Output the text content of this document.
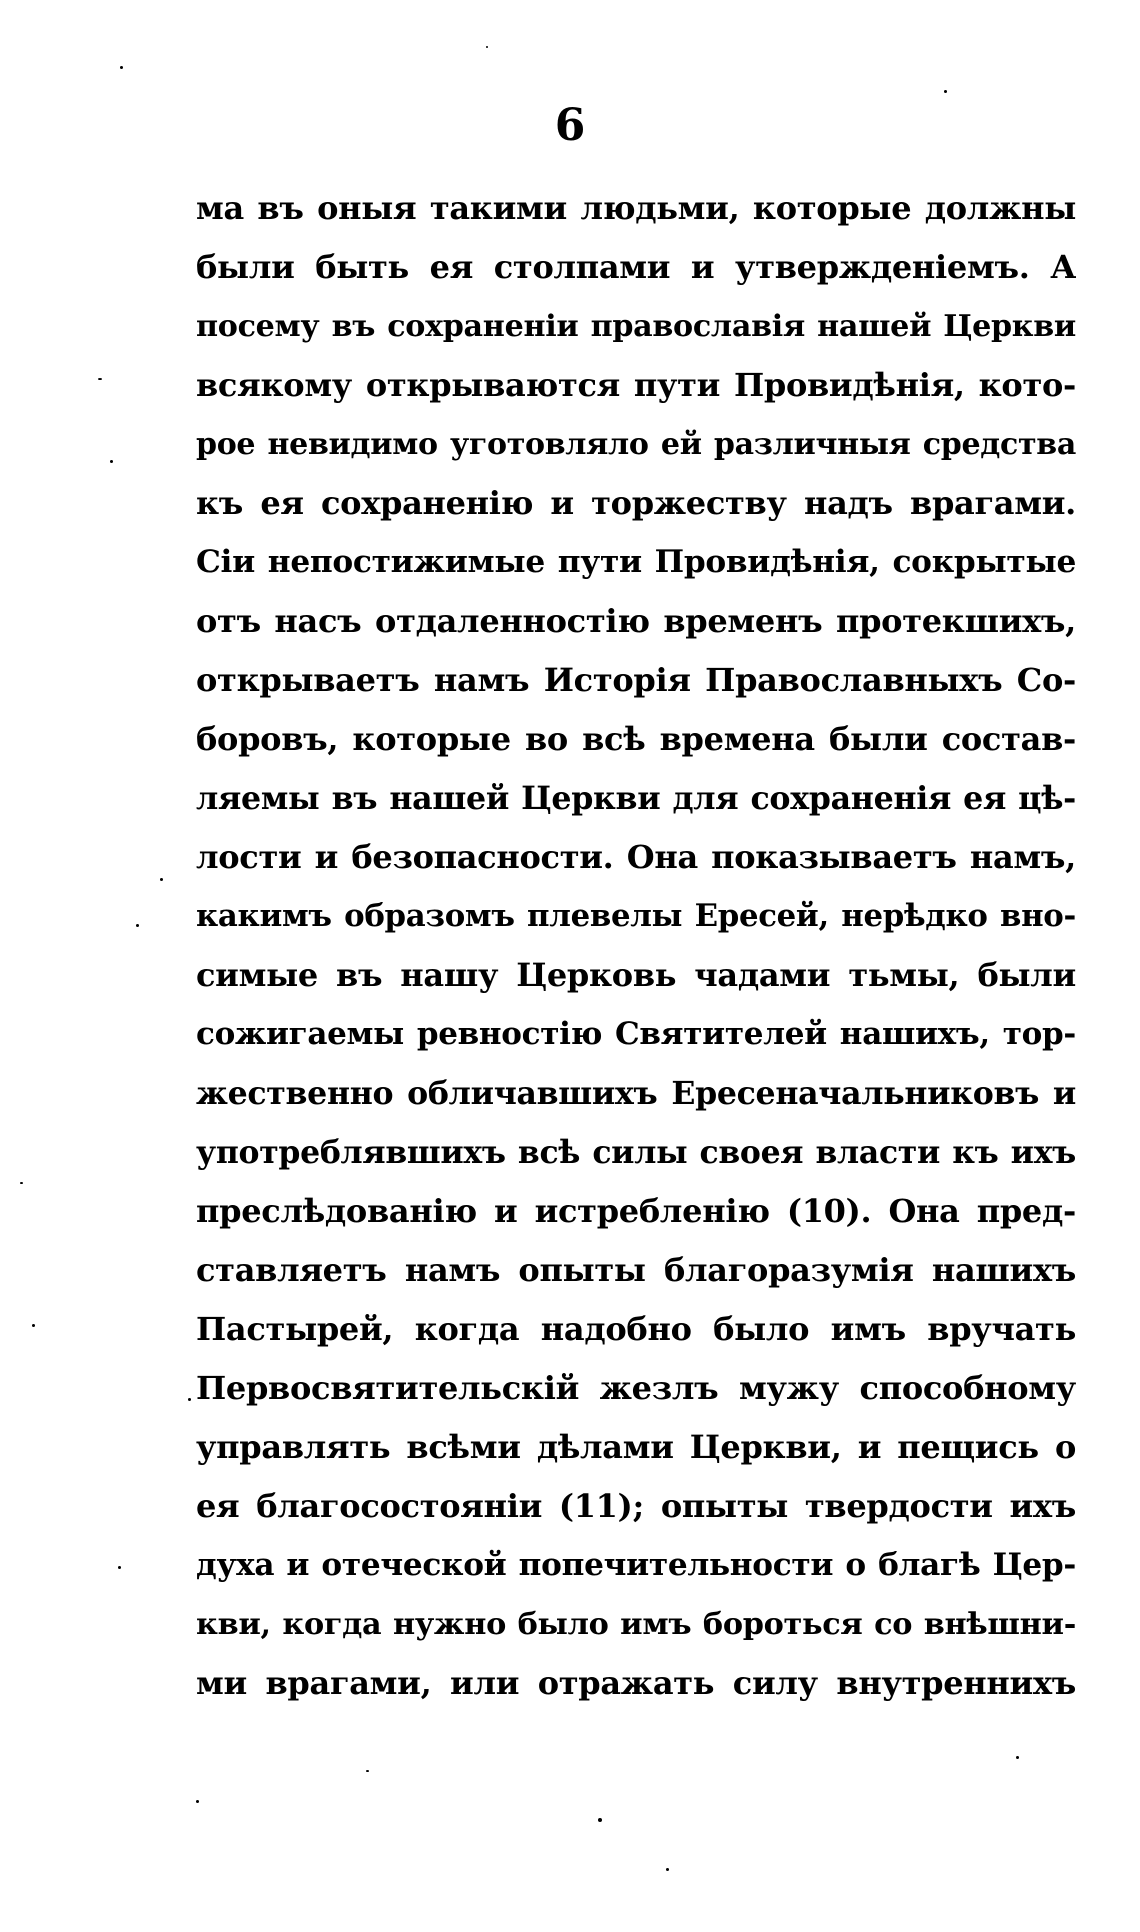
6
ма въ оныя такими людьми, которые должны
были быть ея столпами и утвержденіемъ. А
посему въ сохраненіи православія нашей Церкви
всякому открываются пути Провидѣнія, кото-
рое невидимо уготовляло ей различныя средства
къ ея сохраненію и торжеству надъ врагами.
Сіи непостижимые пути Провидѣнія, сокрытые
отъ насъ отдаленностію временъ протекшихъ,
открываетъ намъ Исторія Православныхъ Со-
боровъ, которые во всѣ времена были состав-
ляемы въ нашей Церкви для сохраненія ея цѣ-
лости и безопасности. Она показываетъ намъ,
какимъ образомъ плевелы Ересей, нерѣдко вно-
симые въ нашу Церковь чадами тьмы, были
сожигаемы ревностію Святителей нашихъ, тор-
жественно обличавшихъ Ересеначальниковъ и
употреблявшихъ всѣ силы своея власти къ ихъ
преслѣдованію и истребленію (10). Она пред-
ставляетъ намъ опыты благоразумія нашихъ
Пастырей, когда надобно было имъ вручать
Первосвятительскій жезлъ мужу способному
управлять всѣми дѣлами Церкви, и пещись о
ея благосостояніи (11); опыты твердости ихъ
духа и отеческой попечительности о благѣ Цер-
кви, когда нужно было имъ бороться со внѣшни-
ми врагами, или отражать силу внутреннихъ
